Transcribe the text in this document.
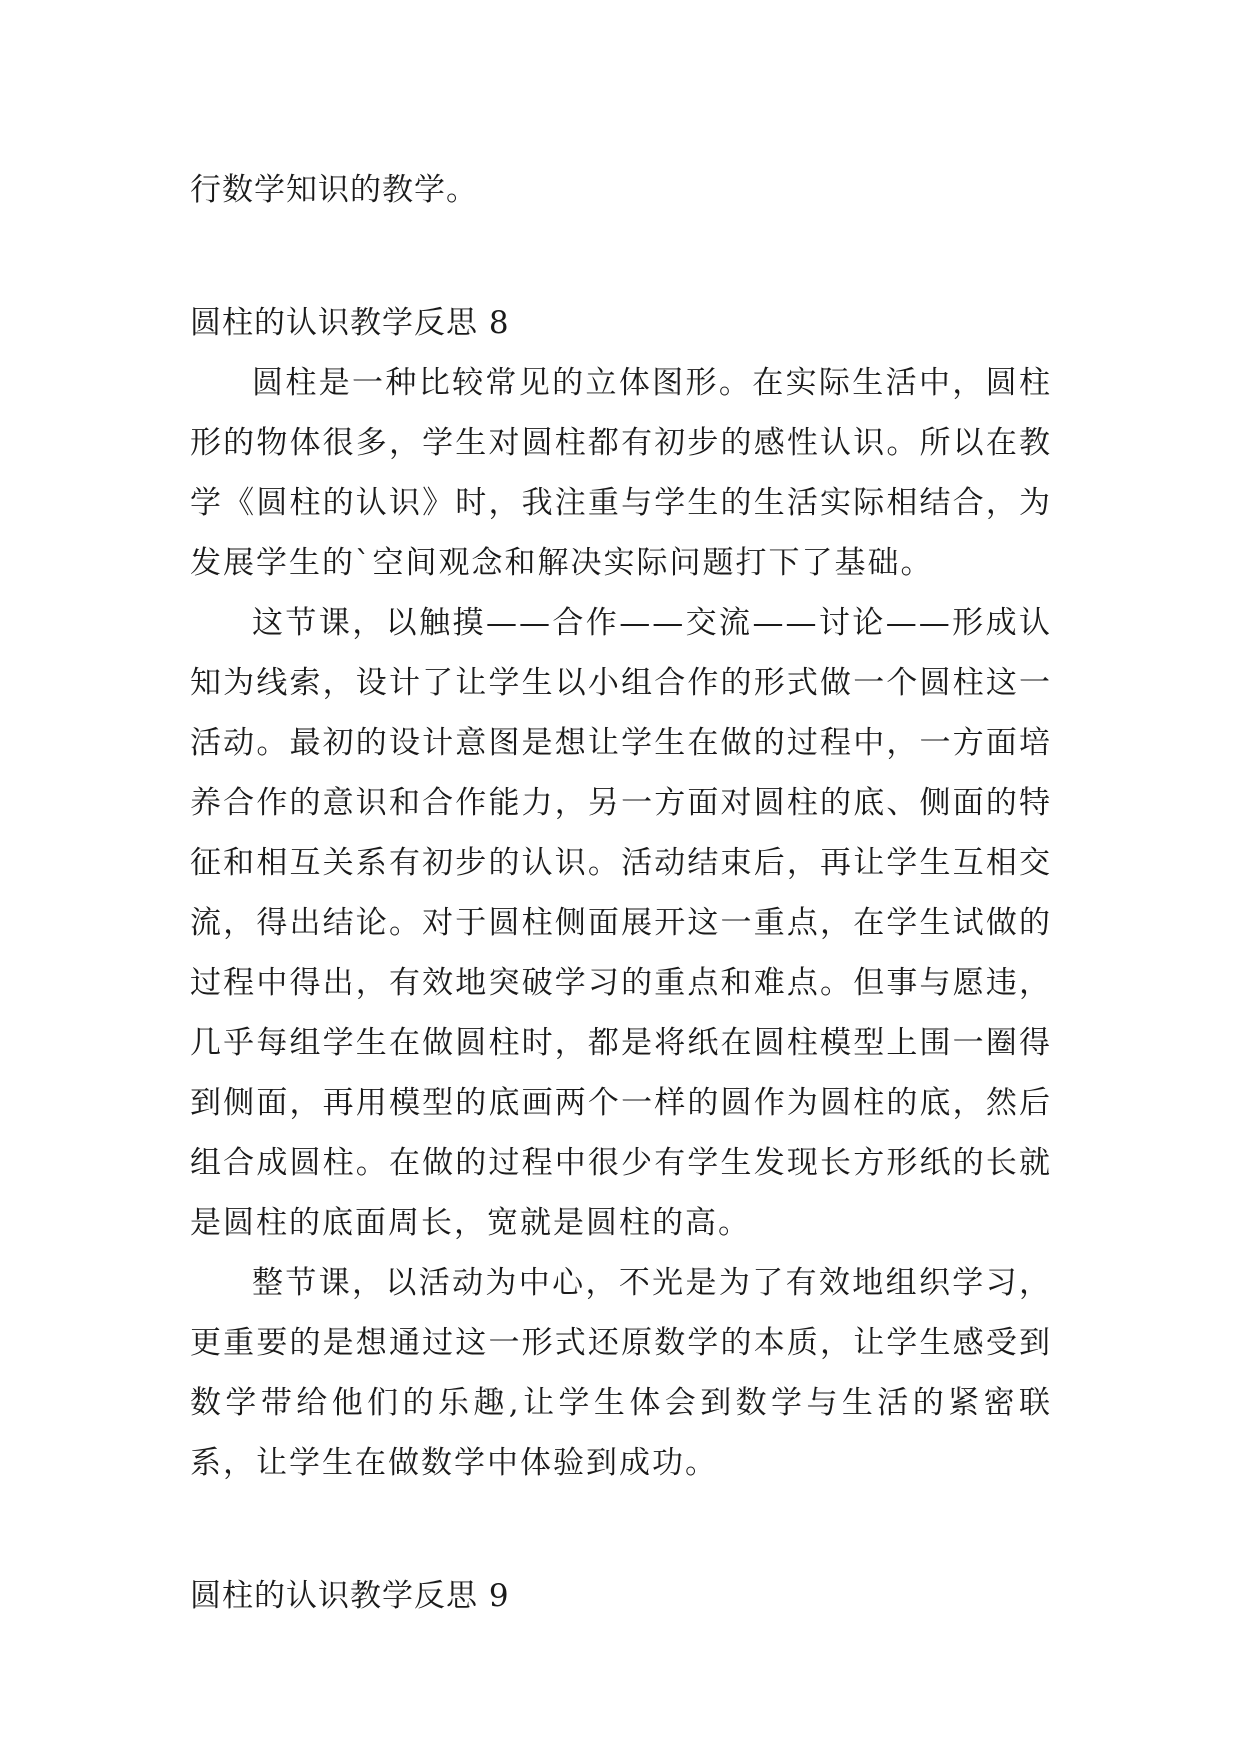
行数学知识的教学。
圆柱的认识教学反思 8

圆柱是一种比较常见的立体图形。在实际生活中，圆柱形的物体很多，学生对圆柱都有初步的感性认识。所以在教学《圆柱的认识》时，我注重与学生的生活实际相结合，为发展学生的`空间观念和解决实际问题打下了基础。

这节课，以触摸——合作——交流——讨论——形成认知为线索，设计了让学生以小组合作的形式做一个圆柱这一活动。最初的设计意图是想让学生在做的过程中，一方面培养合作的意识和合作能力，另一方面对圆柱的底、侧面的特征和相互关系有初步的认识。活动结束后，再让学生互相交流，得出结论。对于圆柱侧面展开这一重点，在学生试做的过程中得出，有效地突破学习的重点和难点。但事与愿违，几乎每组学生在做圆柱时，都是将纸在圆柱模型上围一圈得到侧面，再用模型的底画两个一样的圆作为圆柱的底，然后组合成圆柱。在做的过程中很少有学生发现长方形纸的长就是圆柱的底面周长，宽就是圆柱的高。

整节课，以活动为中心，不光是为了有效地组织学习，更重要的是想通过这一形式还原数学的本质，让学生感受到数学带给他们的乐趣,让学生体会到数学与生活的紧密联系，让学生在做数学中体验到成功。

圆柱的认识教学反思 9
